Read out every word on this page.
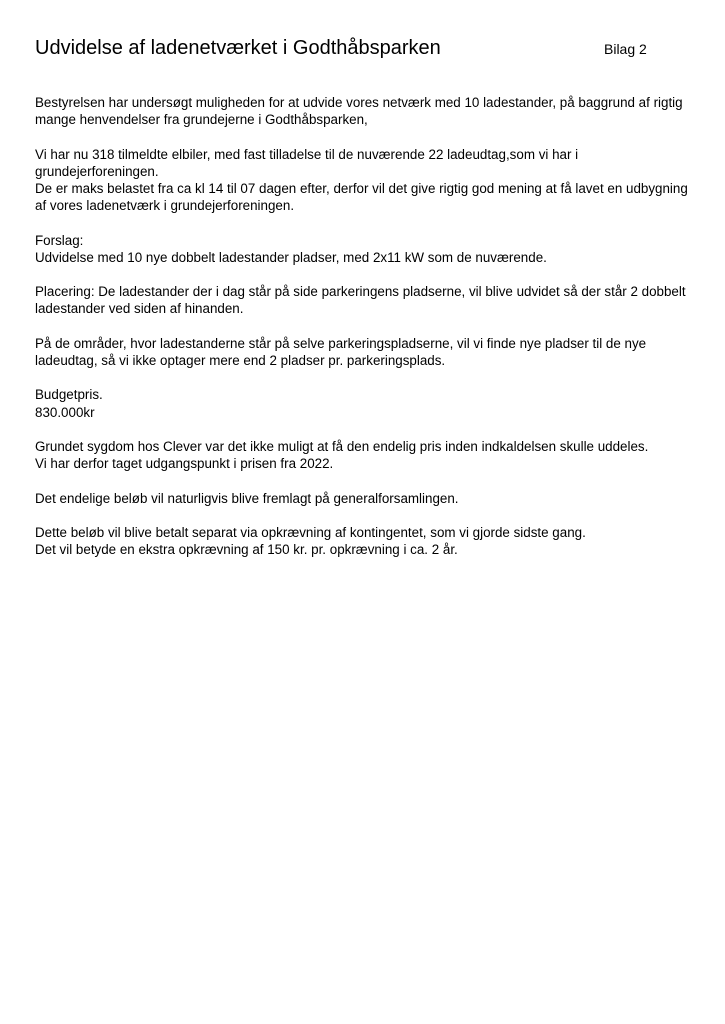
Udvidelse af ladenetværket i Godthåbsparken	Bilag 2

Bestyrelsen har undersøgt muligheden for at udvide vores netværk med 10 ladestander, på baggrund af rigtig
mange henvendelser fra grundejerne i Godthåbsparken,

Vi har nu 318 tilmeldte elbiler, med fast tilladelse til de nuværende 22 ladeudtag,som vi har i
grundejerforeningen.
De er maks belastet fra ca kl 14 til 07 dagen efter, derfor vil det give rigtig god mening at få lavet en udbygning
af vores ladenetværk i grundejerforeningen.

Forslag:
Udvidelse med 10 nye dobbelt ladestander pladser, med 2x11 kW som de nuværende.

Placering: De ladestander der i dag står på side parkeringens pladserne, vil blive udvidet så der står 2 dobbelt
ladestander ved siden af hinanden.

På de områder, hvor ladestanderne står på selve parkeringspladserne, vil vi finde nye pladser til de nye
ladeudtag, så vi ikke optager mere end 2 pladser pr. parkeringsplads.

Budgetpris.
830.000kr

Grundet sygdom hos Clever var det ikke muligt at få den endelig pris inden indkaldelsen skulle uddeles.
Vi har derfor taget udgangspunkt i prisen fra 2022.

Det endelige beløb vil naturligvis blive fremlagt på generalforsamlingen.

Dette beløb vil blive betalt separat via opkrævning af kontingentet, som vi gjorde sidste gang.
Det vil betyde en ekstra opkrævning af 150 kr. pr. opkrævning i ca. 2 år.
